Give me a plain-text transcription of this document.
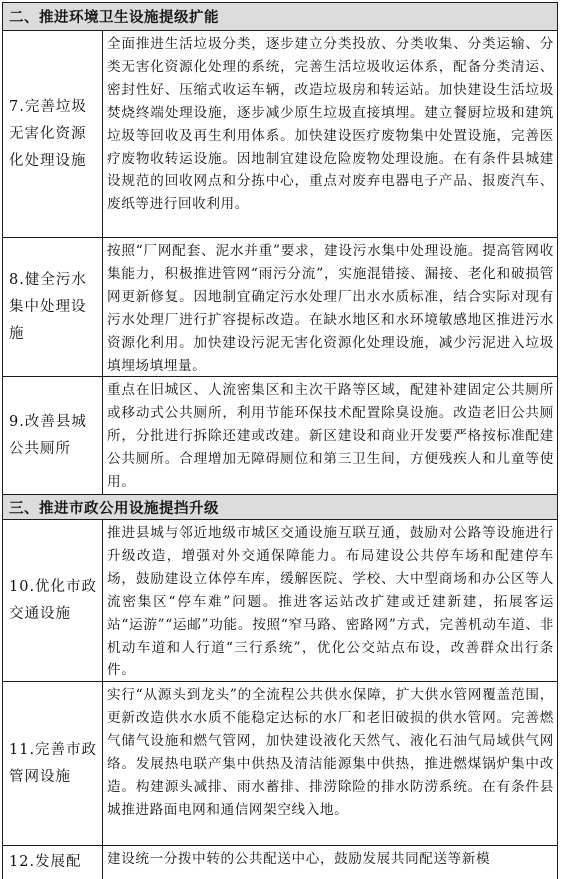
二、推进环境卫生设施提级扩能
7.完善垃圾无害化资源化处理设施
全面推进生活垃圾分类，逐步建立分类投放、分类收集、分类运输、分类无害化资源化处理的系统，完善生活垃圾收运体系，配备分类清运、密封性好、压缩式收运车辆，改造垃圾房和转运站。加快建设生活垃圾焚烧终端处理设施，逐步减少原生垃圾直接填埋。建立餐厨垃圾和建筑垃圾等回收及再生利用体系。加快建设医疗废物集中处置设施，完善医疗废物收转运设施。因地制宜建设危险废物处理设施。在有条件县城建设规范的回收网点和分拣中心，重点对废弃电器电子产品、报废汽车、废纸等进行回收利用。
8.健全污水集中处理设施
按照“厂网配套、泥水并重”要求，建设污水集中处理设施。提高管网收集能力，积极推进管网“雨污分流”，实施混错接、漏接、老化和破损管网更新修复。因地制宜确定污水处理厂出水水质标准，结合实际对现有污水处理厂进行扩容提标改造。在缺水地区和水环境敏感地区推进污水资源化利用。加快建设污泥无害化资源化处理设施，减少污泥进入垃圾填埋场填埋量。
9.改善县城公共厕所
重点在旧城区、人流密集区和主次干路等区域，配建补建固定公共厕所或移动式公共厕所，利用节能环保技术配置除臭设施。改造老旧公共厕所，分批进行拆除还建或改建。新区建设和商业开发要严格按标准配建公共厕所。合理增加无障碍厕位和第三卫生间，方便残疾人和儿童等使用。
三、推进市政公用设施提挡升级
10.优化市政交通设施
推进县城与邻近地级市城区交通设施互联互通，鼓励对公路等设施进行升级改造，增强对外交通保障能力。布局建设公共停车场和配建停车场，鼓励建设立体停车库，缓解医院、学校、大中型商场和办公区等人流密集区“停车难”问题。推进客运站改扩建或迁建新建，拓展客运站“运游”“运邮”功能。按照“窄马路、密路网”方式，完善机动车道、非机动车道和人行道“三行系统”，优化公交站点布设，改善群众出行条件。
11.完善市政管网设施
实行“从源头到龙头”的全流程公共供水保障，扩大供水管网覆盖范围，更新改造供水水质不能稳定达标的水厂和老旧破损的供水管网。完善燃气储气设施和燃气管网，加快建设液化天然气、液化石油气局域供气网络。发展热电联产集中供热及清洁能源集中供热，推进燃煤锅炉集中改造。构建源头减排、雨水蓄排、排涝除险的排水防涝系统。在有条件县城推进路面电网和通信网架空线入地。
12.发展配	建设统一分拨中转的公共配送中心，鼓励发展共同配送等新模
